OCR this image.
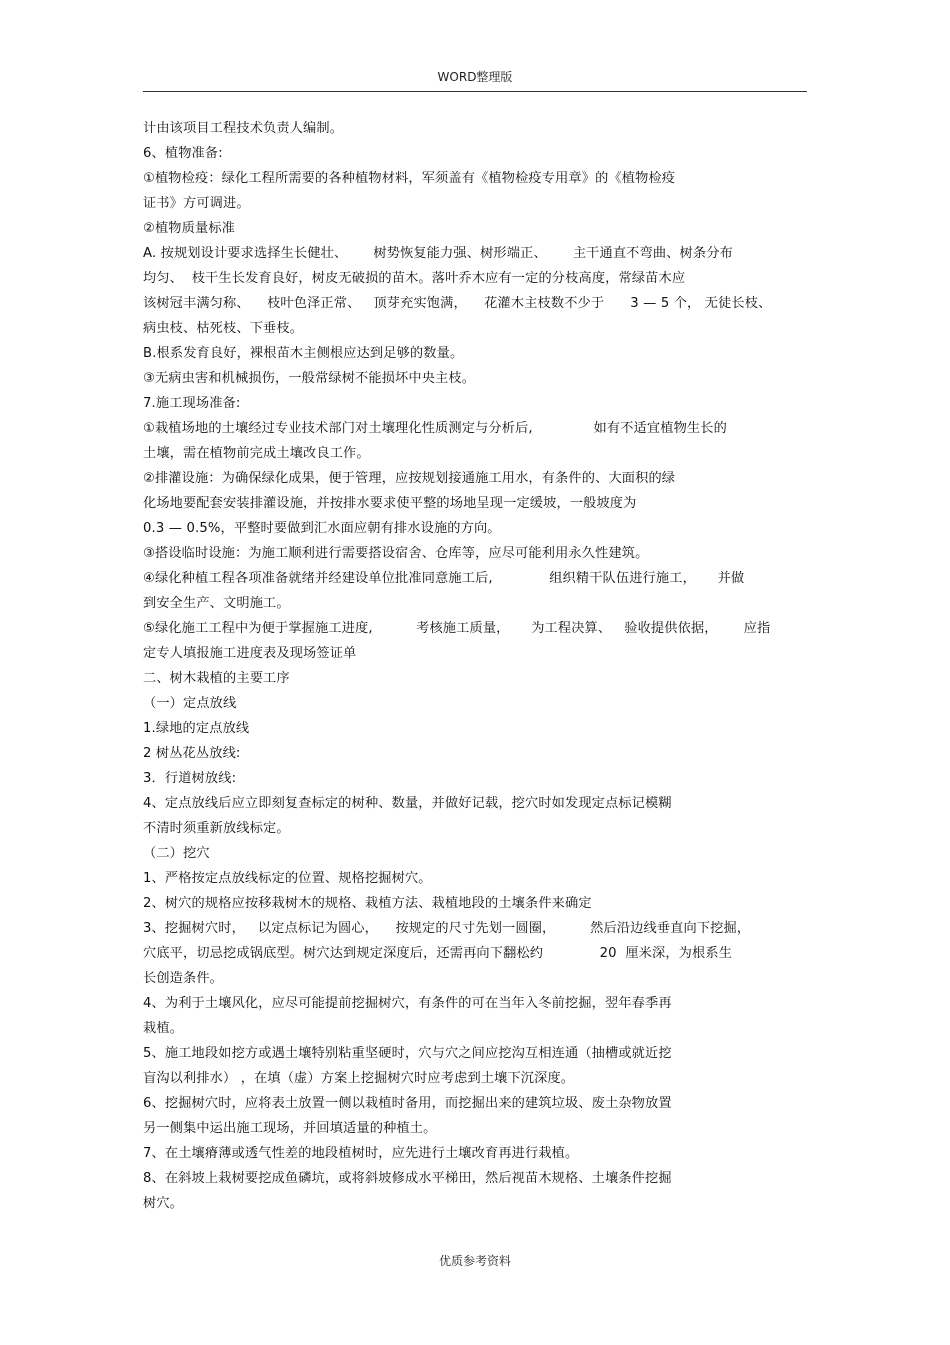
WORD整理版
计由该项目工程技术负责人编制。
6、植物准备:
①植物检疫：绿化工程所需要的各种植物材料，军须盖有《植物检疫专用章》的《植物检疫
证书》方可调进。
②植物质量标准
A. 按规划设计要求选择生长健壮、      树势恢复能力强、树形端正、      主干通直不弯曲、树条分布
均匀、  枝干生长发育良好，树皮无破损的苗木。落叶乔木应有一定的分枝高度，常绿苗木应
该树冠丰满匀称、    枝叶色泽正常、   顶芽充实饱满，    花灌木主枝数不少于      3 — 5 个， 无徒长枝、
病虫枝、枯死枝、下垂枝。
B.根系发育良好，裸根苗木主侧根应达到足够的数量。
③无病虫害和机械损伤，一般常绿树不能损坏中央主枝。
7.施工现场准备:
①栽植场地的土壤经过专业技术部门对土壤理化性质测定与分析后,              如有不适宜植物生长的
土壤，需在植物前完成土壤改良工作。
②排灌设施：为确保绿化成果，便于管理，应按规划接通施工用水，有条件的、大面积的绿
化场地要配套安装排灌设施，并按排水要求使平整的场地呈现一定缓坡，一般坡度为
0.3 — 0.5%，平整时要做到汇水面应朝有排水设施的方向。
③搭设临时设施：为施工顺利进行需要搭设宿舍、仓库等，应尽可能利用永久性建筑。
④绿化种植工程各项准备就绪并经建设单位批准同意施工后,             组织精干队伍进行施工，     并做
到安全生产、文明施工。
⑤绿化施工工程中为便于掌握施工进度,          考核施工质量，     为工程决算、   验收提供依据，      应指
定专人填报施工进度表及现场签证单
二、树木栽植的主要工序
（一）定点放线
1.绿地的定点放线
2 树丛花丛放线:
3．行道树放线:
4、定点放线后应立即刻复查标定的树种、数量，并做好记载，挖穴时如发现定点标记模糊
不清时须重新放线标定。
（二）挖穴
1、严格按定点放线标定的位置、规格挖掘树穴。
2、树穴的规格应按移栽树木的规格、栽植方法、栽植地段的土壤条件来确定
3、挖掘树穴时，   以定点标记为圆心，    按规定的尺寸先划一圆圈，        然后沿边线垂直向下挖掘，
穴底平，切忌挖成锅底型。树穴达到规定深度后，还需再向下翻松约             20  厘米深，为根系生
长创造条件。
4、为利于土壤风化，应尽可能提前挖掘树穴，有条件的可在当年入冬前挖掘，翌年春季再
栽植。
5、施工地段如挖方或遇土壤特别粘重坚硬时，穴与穴之间应挖沟互相连通（抽槽或就近挖
盲沟以利排水） ，在填（虚）方案上挖掘树穴时应考虑到土壤下沉深度。
6、挖掘树穴时，应将表土放置一侧以栽植时备用，而挖掘出来的建筑垃圾、废土杂物放置
另一侧集中运出施工现场，并回填适量的种植土。
7、在土壤瘠薄或透气性差的地段植树时，应先进行土壤改育再进行栽植。
8、在斜坡上栽树要挖成鱼磷坑，或将斜坡修成水平梯田，然后视苗木规格、土壤条件挖掘
树穴。
优质参考资料
